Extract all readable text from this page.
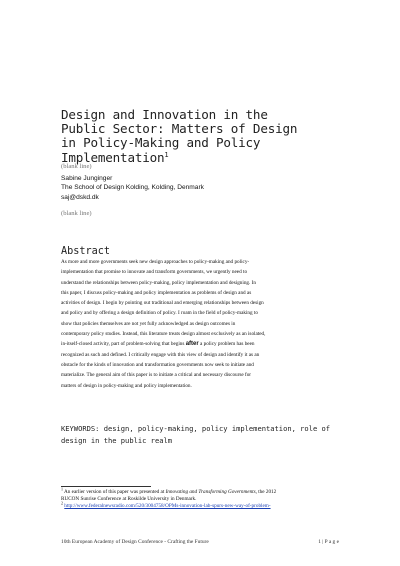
Design and Innovation in the
Public Sector: Matters of Design
in Policy-Making and Policy
Implementation$^1$
(blank line)
Sabine Junginger
The School of Design Kolding, Kolding, Denmark
saj@dskd.dk
(blank line)
Abstract
As more and more governments seek new design approaches to policy-making and policy-
implementation that promise to innovate and transform governments, we urgently need to
understand the relationships between policy-making, policy implementation and designing. In
this paper, I discuss policy-making and policy implementation as problems of design and as
activities of design. I begin by pointing out traditional and emerging relationships between design
and policy and by offering a design definition of policy. I roam in the field of policy-making to
show that policies themselves are not yet fully acknowledged as design outcomes in
contemporary policy studies. Instead, this literature treats design almost exclusively as an isolated,
in-itself-closed activity, part of problem-solving that begins after a policy problem has been
recognized as such and defined. I critically engage with this view of design and identify it as an
obstacle for the kinds of innovation and transformation governments now seek to initiate and
materialize. The general aim of this paper is to initiate a critical and necessary discourse for
matters of design in policy-making and policy implementation.
KEYWORDS: design, policy-making, policy implementation, role of
design in the public realm
$^1$ An earlier version of this paper was presented at Innovating and Transforming Governments, the 2012
RUCON Sunrise Conference at Roskilde University in Denmark.
$^2$ http://www.federalnewsradio.com/520/3004758/OPMs-innovation-lab-spurs-new-way-of-problem-
10th European Academy of Design Conference - Crafting the Future	1 | P a g e
